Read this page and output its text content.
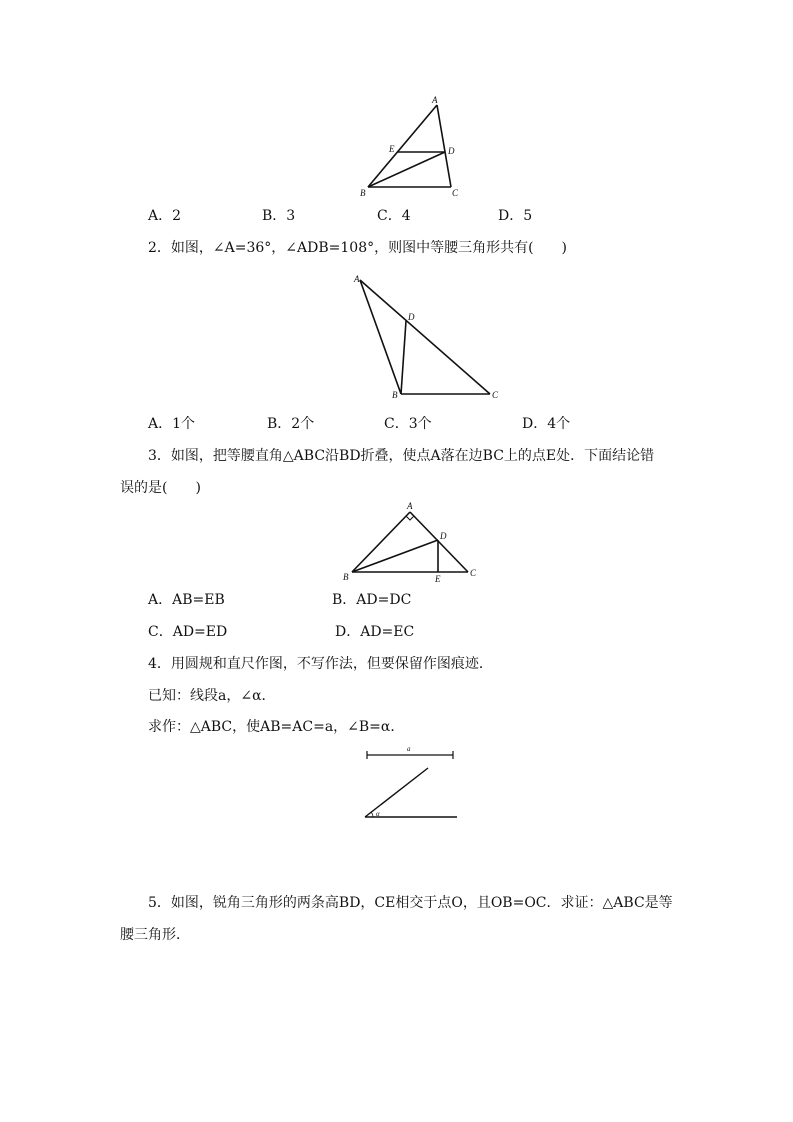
A
E	D
B	C
A．2	B．3	C．4	D．5
2．如图，∠A=36°，∠ADB=108°，则图中等腰三角形共有(　　)
A
D
B	C
A．1个	B．2个	C．3个	D．4个
3．如图，把等腰直角△ABC沿BD折叠，使点A落在边BC上的点E处．下面结论错
误的是(　　)
A
D
B	E
C
A．AB=EB	B．AD=DC
C．AD=ED	D．AD=EC
4．用圆规和直尺作图，不写作法，但要保留作图痕迹．
已知：线段a，∠α．
求作：△ABC，使AB=AC=a，∠B=α．
a
α
5．如图，锐角三角形的两条高BD，CE相交于点O，且OB=OC．求证：△ABC是等
腰三角形．
